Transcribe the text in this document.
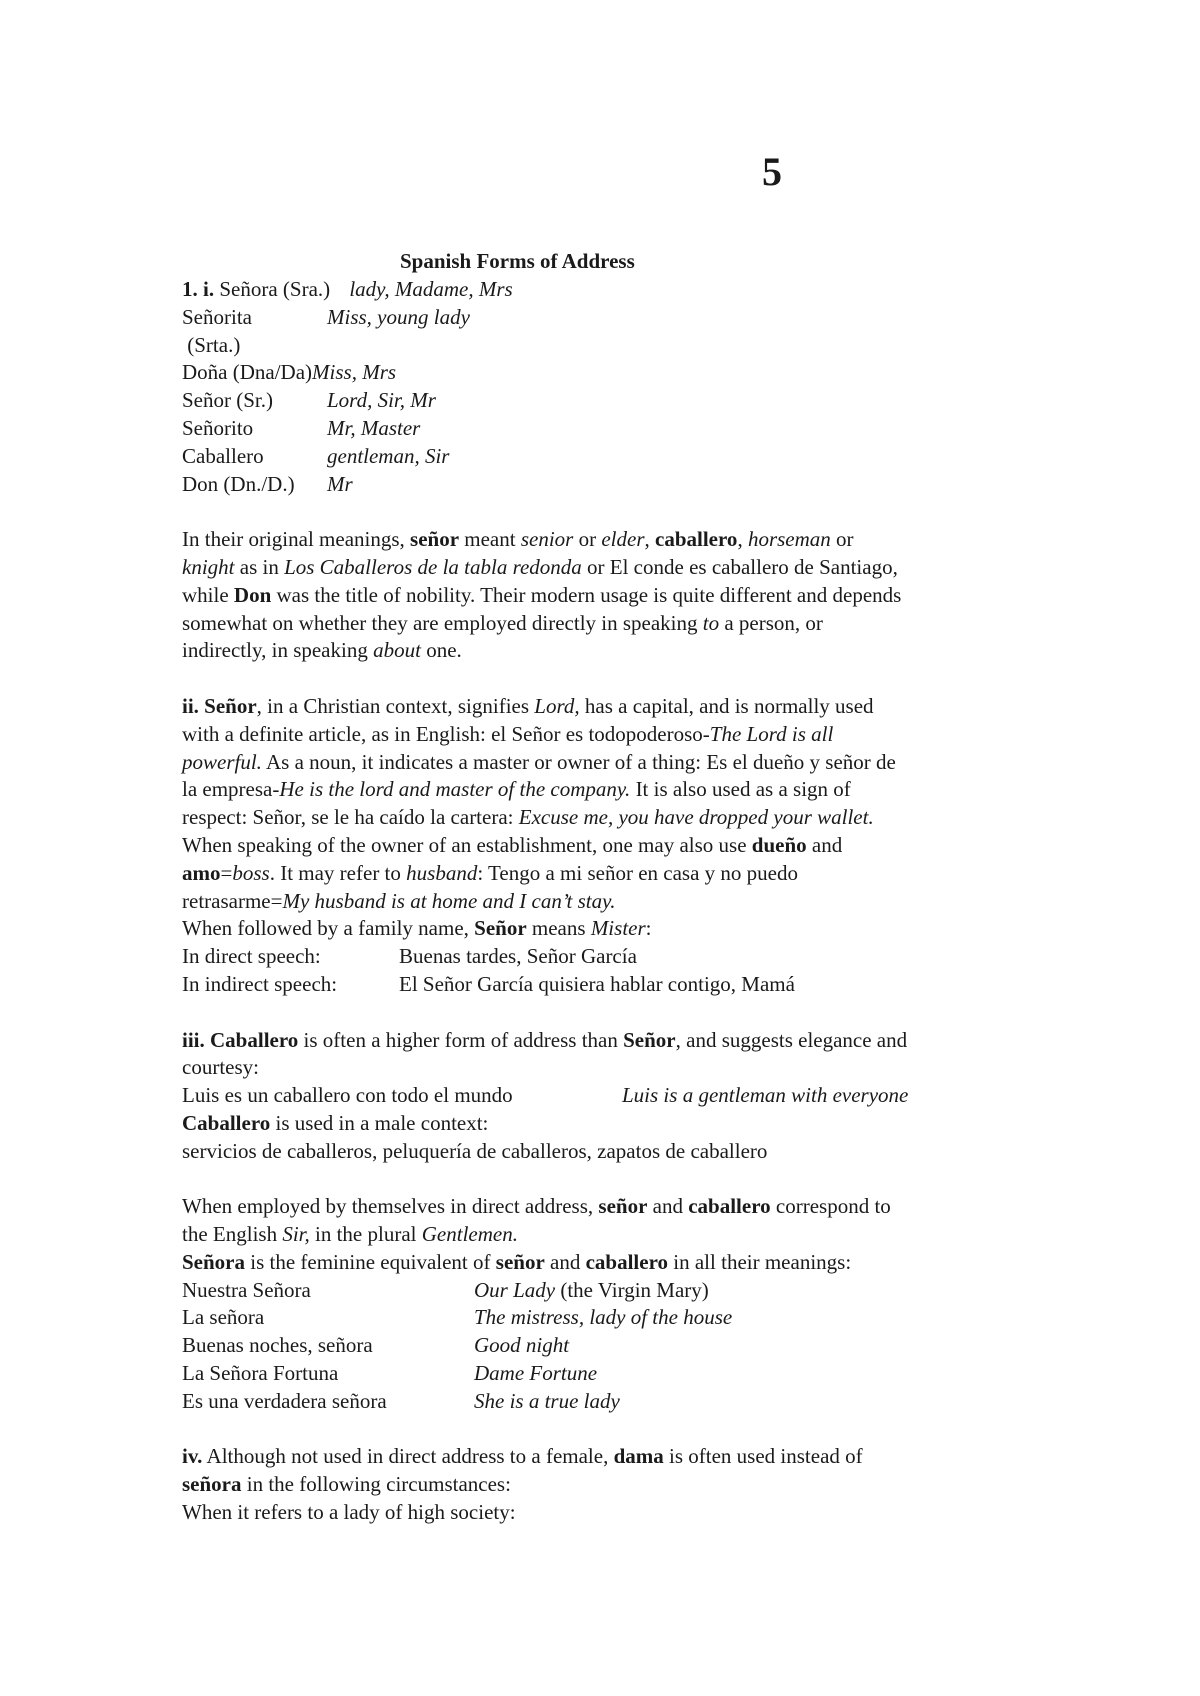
5
Spanish Forms of Address
1. i. Señora (Sra.) lady, Madame, Mrs
Señorita	Miss, young lady
(Srta.)
Doña (Dna/Da)Miss, Mrs
Señor (Sr.)	Lord, Sir, Mr
Señorito	Mr, Master
Caballero	gentleman, Sir
Don (Dn./D.) Mr
In their original meanings, señor meant senior or elder, caballero, horseman or
knight as in Los Caballeros de la tabla redonda or El conde es caballero de Santiago,
while Don was the title of nobility. Their modern usage is quite different and depends
somewhat on whether they are employed directly in speaking to a person, or
indirectly, in speaking about one.
ii. Señor, in a Christian context, signifies Lord, has a capital, and is normally used
with a definite article, as in English: el Señor es todopoderoso-The Lord is all
powerful. As a noun, it indicates a master or owner of a thing: Es el dueño y señor de
la empresa-He is the lord and master of the company. It is also used as a sign of
respect: Señor, se le ha caído la cartera: Excuse me, you have dropped your wallet.
When speaking of the owner of an establishment, one may also use dueño and
amo=boss. It may refer to husband: Tengo a mi señor en casa y no puedo
retrasarme=My husband is at home and I can’t stay.
When followed by a family name, Señor means Mister:
In direct speech:	Buenas tardes, Señor García
In indirect speech:	El Señor García quisiera hablar contigo, Mamá
iii. Caballero is often a higher form of address than Señor, and suggests elegance and
courtesy:
Luis es un caballero con todo el mundo	Luis is a gentleman with everyone
Caballero is used in a male context:
servicios de caballeros, peluquería de caballeros, zapatos de caballero
When employed by themselves in direct address, señor and caballero correspond to
the English Sir, in the plural Gentlemen.
Señora is the feminine equivalent of señor and caballero in all their meanings:
Nuestra Señora	Our Lady (the Virgin Mary)
La señora	The mistress, lady of the house
Buenas noches, señora	Good night
La Señora Fortuna	Dame Fortune
Es una verdadera señora	She is a true lady
iv. Although not used in direct address to a female, dama is often used instead of
señora in the following circumstances:
When it refers to a lady of high society:
